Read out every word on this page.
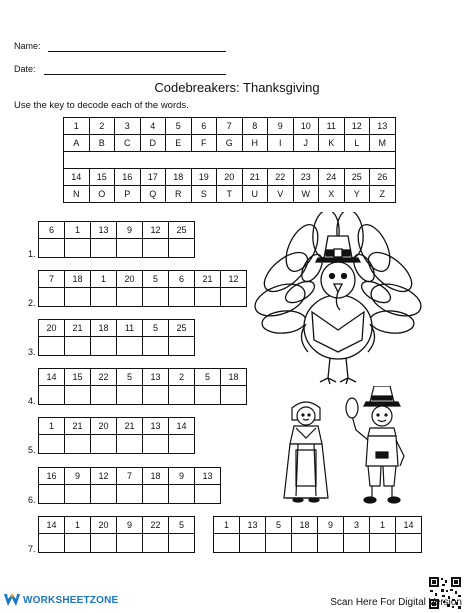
Name:
Date:
Codebreakers: Thanksgiving
Use the key to decode each of the words.
1	2	3	4	5	6	7	8	9	10	11	12	13
A	B	C	D	E	F	G	H	I	J	K	L	M

14	15	16	17	18	19	20	21	22	23	24	25	26
N	O	P	Q	R	S	T	U	V	W	X	Y	Z
1.
6	1	13	9	12	25

2.
7	18	1	20	5	6	21	12

3.
20	21	18	11	5	25

4.
14	15	22	5	13	2	5	18

5.
1	21	20	21	13	14

6.
16	9	12	7	18	9	13

7.
14	1	20	9	22	5
						1	13	5	18	9	3	1	14

WORKSHEETZONE	Scan Here For Digital Version
